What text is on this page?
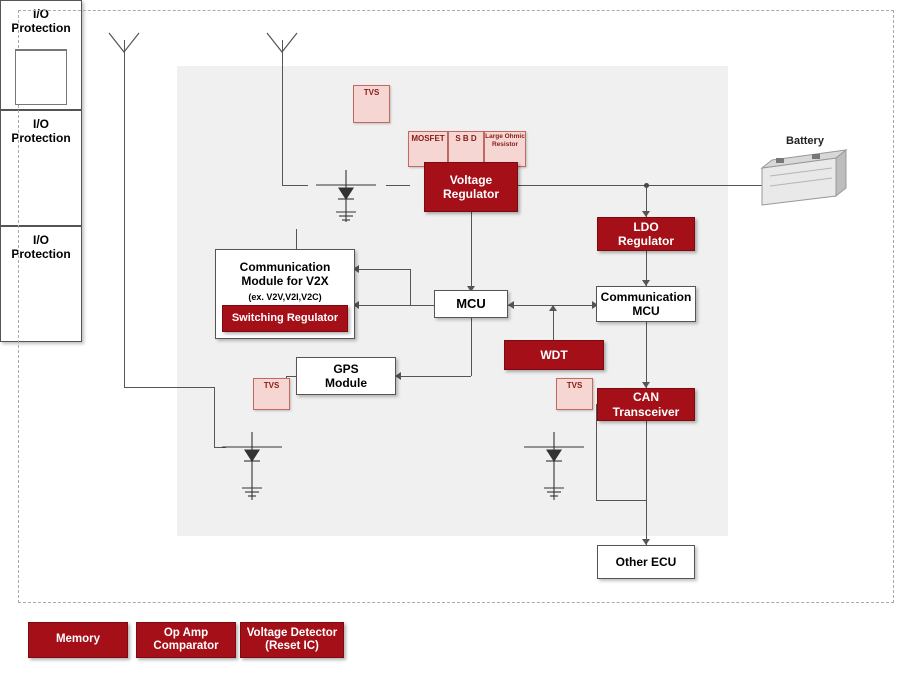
TVS
TVS	TVS
MOSFET S B D Large Ohmic Resistor
I/O
Protection
Voltage
Regulator
LDO
Regulator
Communication
Module for V2X
(ex. V2V,V2I,V2C)
Switching Regulator
MCU	Communication
MCU
WDT
GPS
Module
CAN
Transceiver
Other ECU
I/O
Protection
I/O
Protection
Battery
Memory
Op Amp
Comparator
Voltage Detector
(Reset IC)
